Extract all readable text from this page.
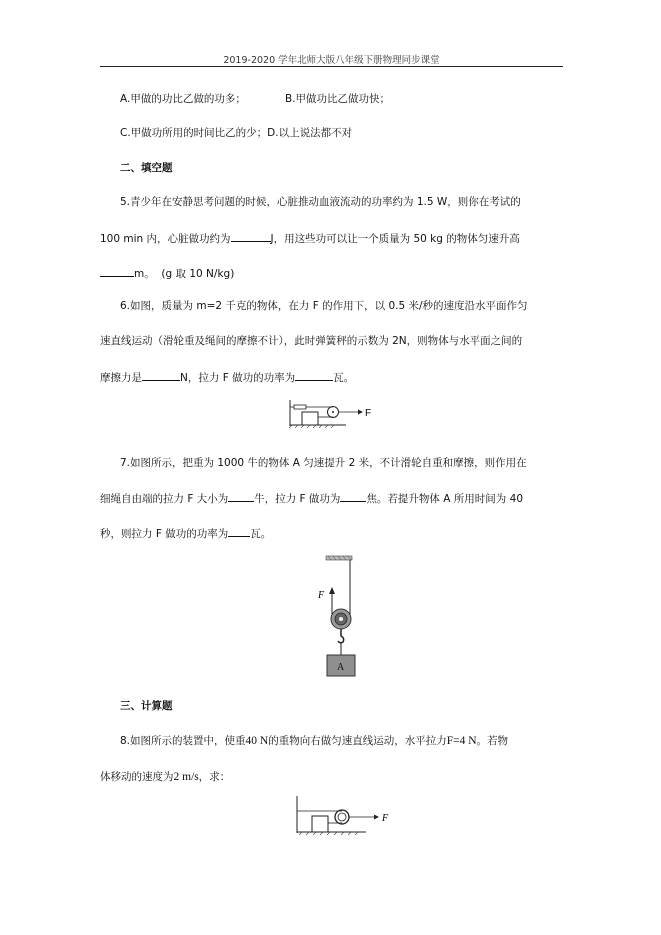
2019-2020 学年北师大版八年级下册物理同步课堂
A.甲做的功比乙做的功多；	B.甲做功比乙做功快；
C.甲做功所用的时间比乙的少；D.以上说法都不对
二、填空题
5.青少年在安静思考问题的时候，心脏推动血液流动的功率约为 1.5 W，则你在考试的
100 min 内，心脏做功约为	J，用这些功可以让一个质量为 50 kg 的物体匀速升高
m。 (g 取 10 N/kg)
6.如图，质量为 m=2 千克的物体，在力 F 的作用下，以 0.5 米/秒的速度沿水平面作匀
速直线运动（滑轮重及绳间的摩擦不计），此时弹簧秤的示数为 2N，则物体与水平面之间的
摩擦力是	N，拉力 F 做功的功率为	瓦。
F
7.如图所示，把重为 1000 牛的物体 A 匀速提升 2 米，不计滑轮自重和摩擦，则作用在
细绳自由端的拉力 F 大小为 牛，拉力 F 做功为 焦。若提升物体 A 所用时间为 40
秒，则拉力 F 做功的功率为 瓦。
F
A
三、计算题
8.如图所示的装置中，使重40 N的重物向右做匀速直线运动，水平拉力F=4 N。若物
体移动的速度为2 m/s，求：
F
